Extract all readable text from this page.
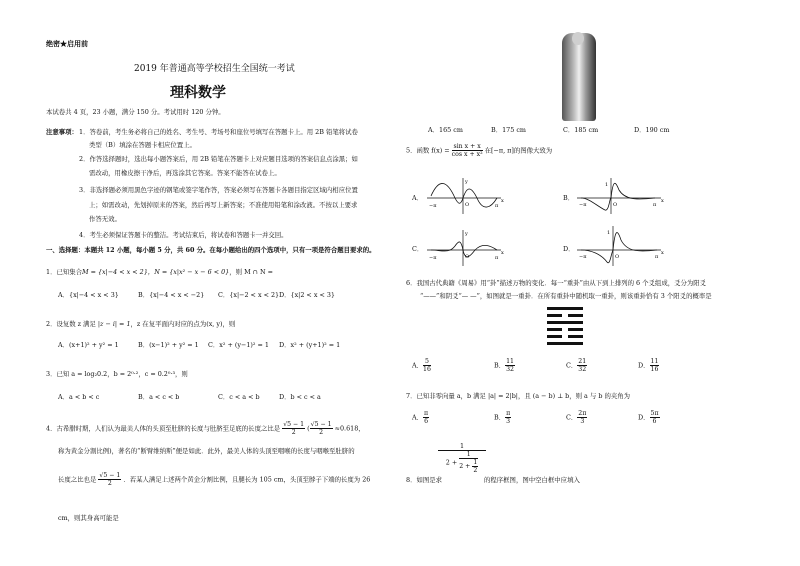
绝密★启用前
2019 年普通高等学校招生全国统一考试
理科数学
本试卷共 4 页，23 小题，满分 150 分。考试用时 120 分钟。
注意事项： 1．答卷前，考生务必将自己的姓名、考生号、考场号和座位号填写在答题卡上。用 2B 铅笔将试卷
类型（B）填涂在答题卡相应位置上。
2．作答选择题时，选出每小题答案后，用 2B 铅笔在答题卡上对应题目选项的答案信息点涂黑；如
需改动，用橡皮擦干净后，再选涂其它答案。答案不能答在试卷上。
3．非选择题必须用黑色字迹的钢笔或签字笔作答，答案必须写在答题卡各题目指定区域内相应位置
上；如需改动，先划掉原来的答案，然后再写上新答案；不准使用铅笔和涂改液。不按以上要求
作答无效。
4．考生必须保证答题卡的整洁。考试结束后，将试卷和答题卡一并交回。
一、选择题：本题共 12 小题，每小题 5 分，共 60 分。在每小题给出的四个选项中，只有一项是符合题目要求的。
1．已知集合M = {x|−4 < x < 2}，N = {x|x² − x − 6 < 0}，则 M ∩ N =
A．{x|−4 < x < 3}	B．{x|−4 < x < −2} C．{x|−2 < x < 2} D．{x|2 < x < 3}
2．设复数 z 满足 |z − i| = 1，z 在复平面内对应的点为(x, y)，则
A．(x+1)² + y² = 1	B．(x−1)² + y² = 1 C．x² + (y−1)² = 1 D．x² + (y+1)² = 1
3．已知 a = log₂0.2，b = 2⁰·²，c = 0.2⁰·³，则
A．a < b < c	B．a < c < b	C．c < a < b	D．b < c < a
4．古希腊时期，人们认为最美人体的头顶至肚脐的长度与肚脐至足底的长度之比是 $\frac{√5 - 1}{2}$ ( $\frac{√5 - 1}{2} \approx 0.618$，
称为黄金分割比例)，著名的“断臂维纳斯”便是如此．此外，最美人体的头顶至咽喉的长度与咽喉至肚脐的
长度之比也是 $\frac{√5 - 1}{2}$ ．若某人满足上述两个黄金分割比例，且腿长为 105 cm，头顶至脖子下端的长度为 26
cm，则其身高可能是
A．165 cm	B．175 cm	C．185 cm	D．190 cm
5．函数 $f(x) = \frac{\text{sin x + x}}{\text{cos x + x²}}$ 在[−π, π]的图像大致为
A．	B．
C．	D．
−π	π
O
x
y	1
−π	π
O
x
−π	π
O
x
y	1
−π	π
O
x
6．我国古代典籍《周易》用“卦”描述万物的变化．每一“重卦”由从下到上排列的 6 个爻组成，爻分为阳爻
“——”和阴爻“— —”，如图就是一重卦．在所有重卦中随机取一重卦，则该重卦恰有 3 个阳爻的概率是
A． $\frac{5}{16}$	B． $\frac{11}{32}$	C． $\frac{21}{32}$	D． $\frac{11}{16}$
7．已知非零向量 a，b 满足 |a| = 2|b|，且 (a − b) ⊥ b，则 a 与 b 的夹角为
A． $\frac{\pi}{6}$	B． $\frac{\pi}{3}$	C． $\frac{2\pi}{3}$	D． $\frac{5\pi}{6}$
8．如图是求
1
$2 + \frac{1}{2 + \frac{1}{2}}$
的程序框图，图中空白框中应填入
